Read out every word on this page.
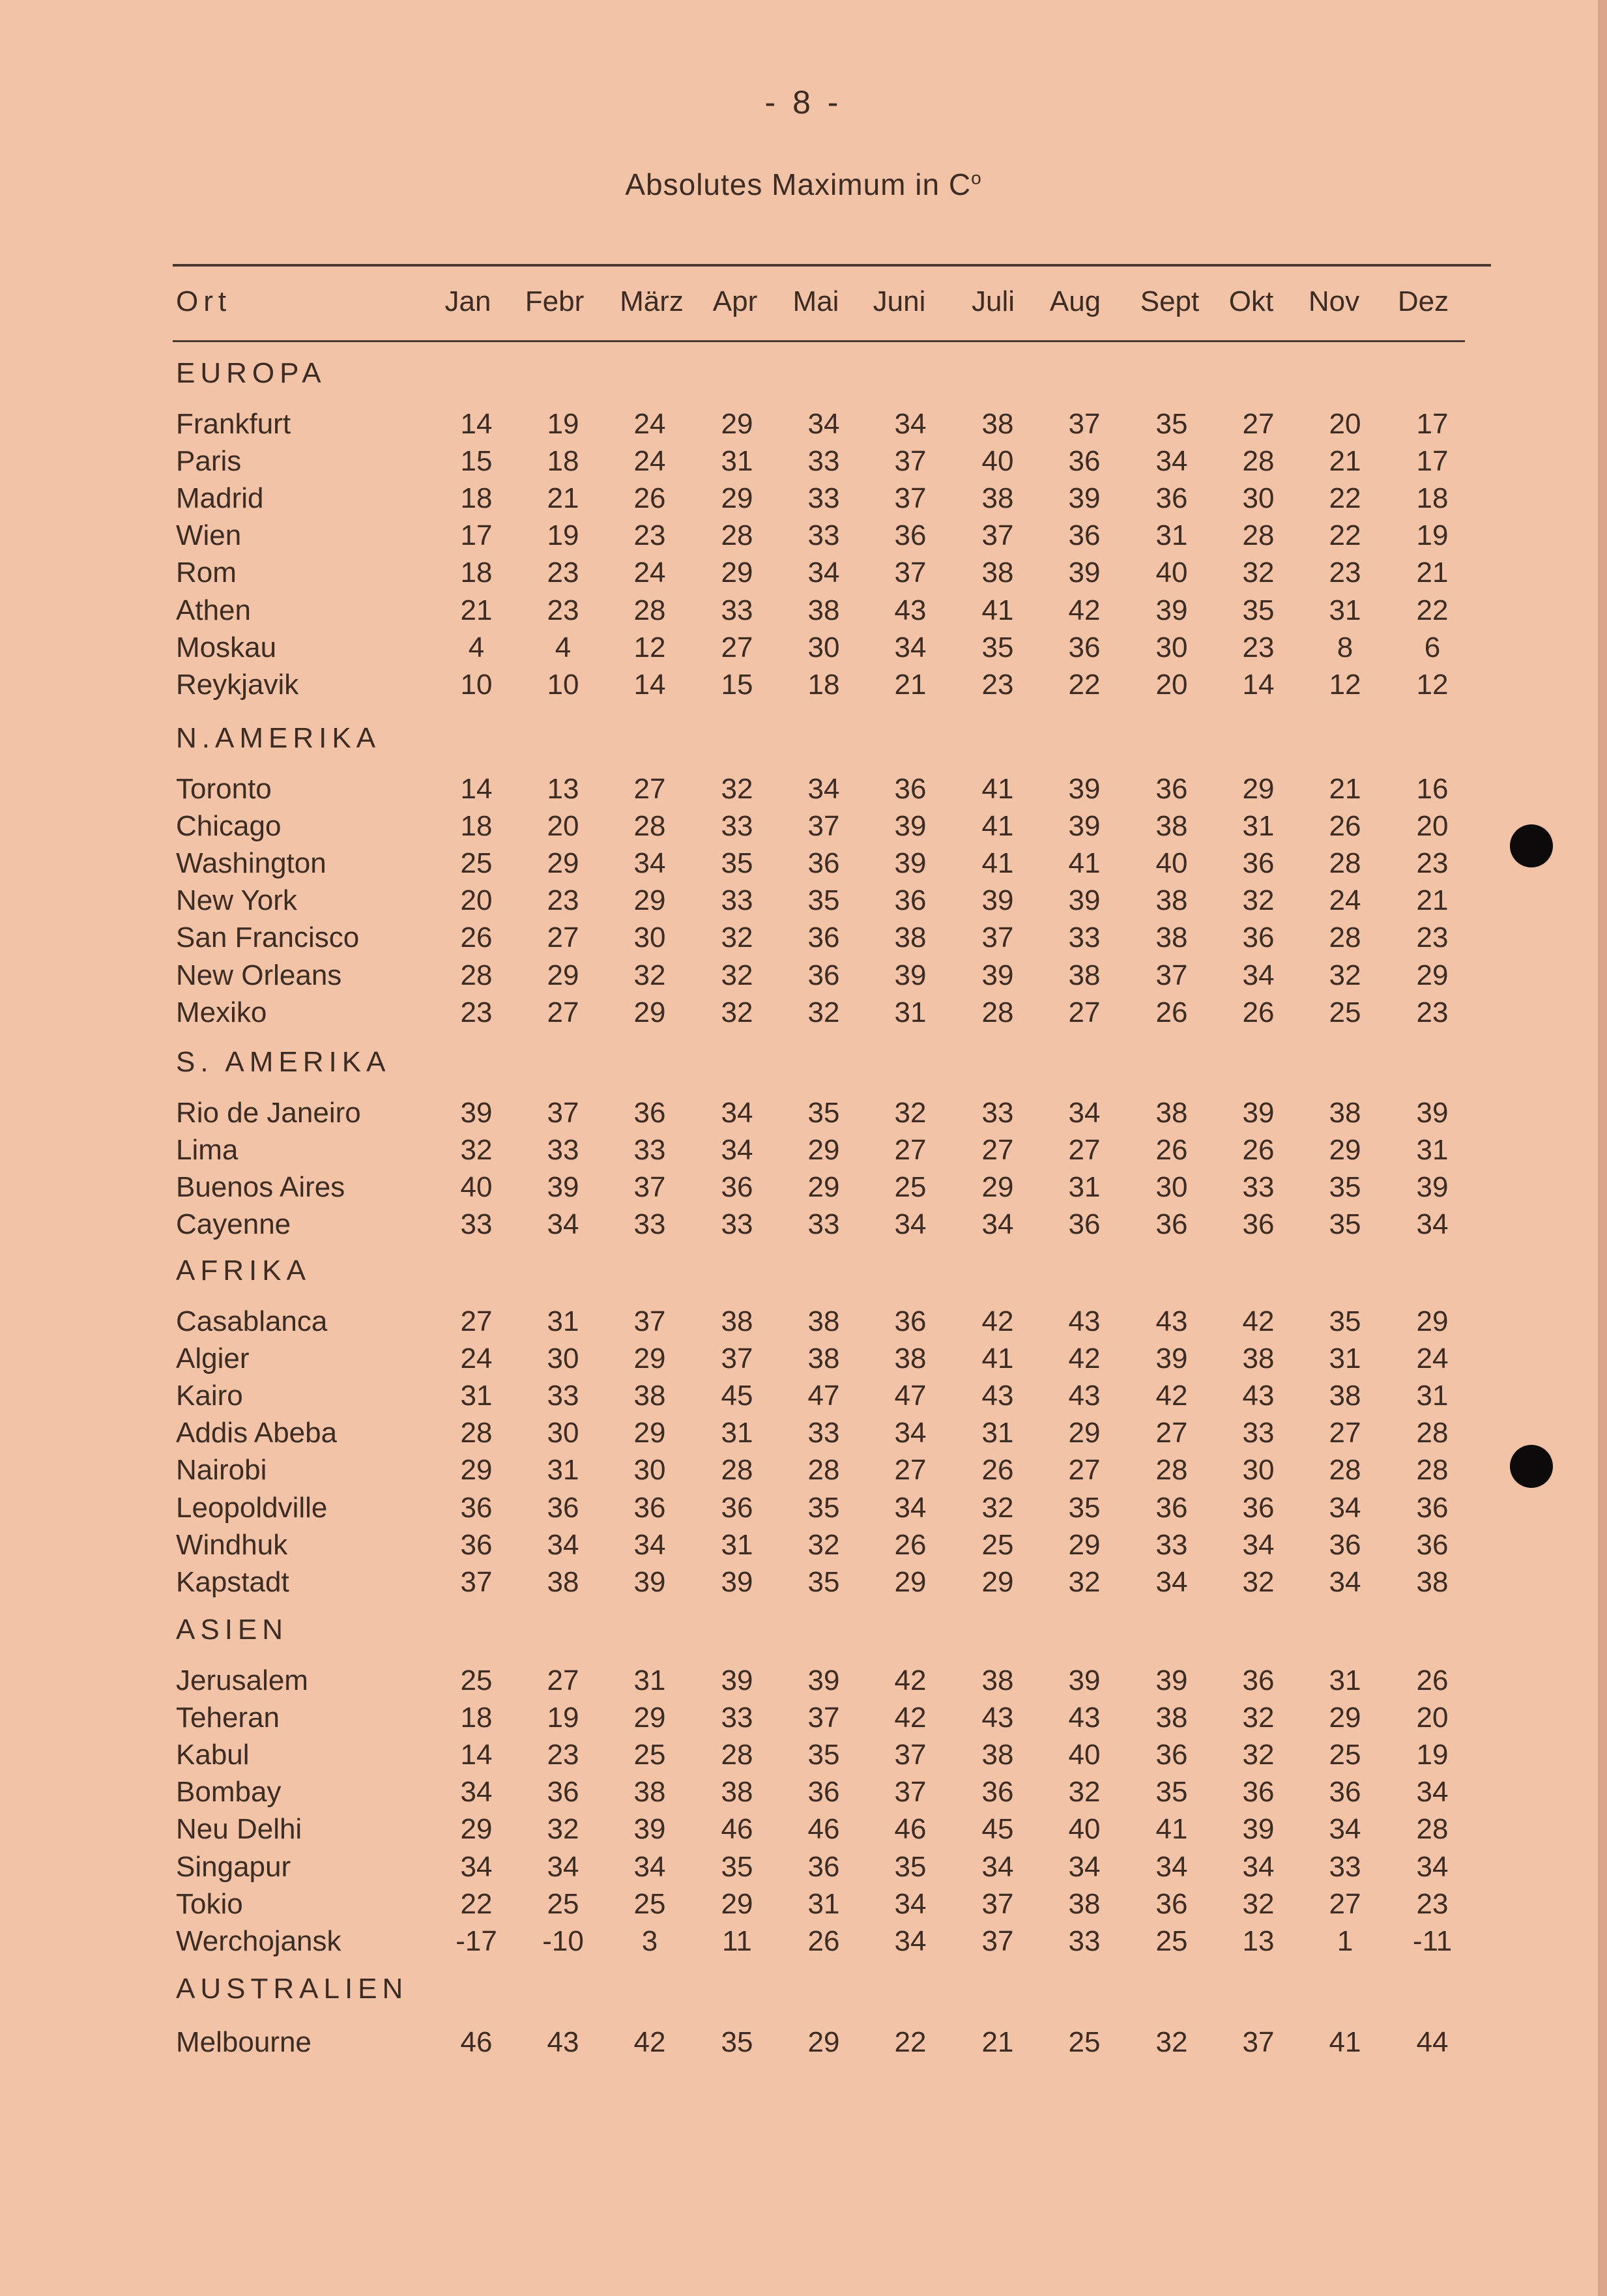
- 8 -
Absolutes Maximum in $C^o$
Ort	Jan	Febr	März	Apr	Mai	Juni	Juli	Aug	Sept	Okt	Nov	Dez
EUROPA
Frankfurt	14	19	24	29	34	34	38	37	35	27	20	17
Paris	15	18	24	31	33	37	40	36	34	28	21	17
Madrid	18	21	26	29	33	37	38	39	36	30	22	18
Wien	17	19	23	28	33	36	37	36	31	28	22	19
Rom	18	23	24	29	34	37	38	39	40	32	23	21
Athen	21	23	28	33	38	43	41	42	39	35	31	22
Moskau	4	4	12	27	30	34	35	36	30	23	8	6
Reykjavik	10	10	14	15	18	21	23	22	20	14	12	12
N.AMERIKA
Toronto	14	13	27	32	34	36	41	39	36	29	21	16
Chicago	18	20	28	33	37	39	41	39	38	31	26	20
Washington	25	29	34	35	36	39	41	41	40	36	28	23
New York	20	23	29	33	35	36	39	39	38	32	24	21
San Francisco	26	27	30	32	36	38	37	33	38	36	28	23
New Orleans	28	29	32	32	36	39	39	38	37	34	32	29
Mexiko	23	27	29	32	32	31	28	27	26	26	25	23
S. AMERIKA
Rio de Janeiro	39	37	36	34	35	32	33	34	38	39	38	39
Lima	32	33	33	34	29	27	27	27	26	26	29	31
Buenos Aires	40	39	37	36	29	25	29	31	30	33	35	39
Cayenne	33	34	33	33	33	34	34	36	36	36	35	34
AFRIKA
Casablanca	27	31	37	38	38	36	42	43	43	42	35	29
Algier	24	30	29	37	38	38	41	42	39	38	31	24
Kairo	31	33	38	45	47	47	43	43	42	43	38	31
Addis Abeba	28	30	29	31	33	34	31	29	27	33	27	28
Nairobi	29	31	30	28	28	27	26	27	28	30	28	28
Leopoldville	36	36	36	36	35	34	32	35	36	36	34	36
Windhuk	36	34	34	31	32	26	25	29	33	34	36	36
Kapstadt	37	38	39	39	35	29	29	32	34	32	34	38
ASIEN
Jerusalem	25	27	31	39	39	42	38	39	39	36	31	26
Teheran	18	19	29	33	37	42	43	43	38	32	29	20
Kabul	14	23	25	28	35	37	38	40	36	32	25	19
Bombay	34	36	38	38	36	37	36	32	35	36	36	34
Neu Delhi	29	32	39	46	46	46	45	40	41	39	34	28
Singapur	34	34	34	35	36	35	34	34	34	34	33	34
Tokio	22	25	25	29	31	34	37	38	36	32	27	23
Werchojansk	-17	-10	3	11	26	34	37	33	25	13	1	-11
AUSTRALIEN
Melbourne	46	43	42	35	29	22	21	25	32	37	41	44
